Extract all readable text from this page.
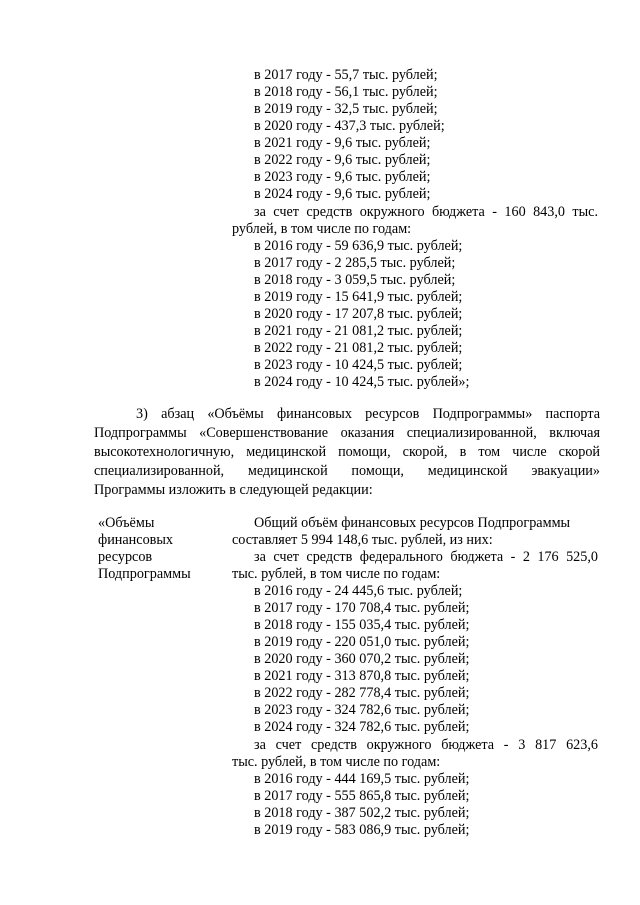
в 2017 году - 55,7 тыс. рублей;
в 2018 году - 56,1 тыс. рублей;
в 2019 году - 32,5 тыс. рублей;
в 2020 году - 437,3 тыс. рублей;
в 2021 году - 9,6 тыс. рублей;
в 2022 году - 9,6 тыс. рублей;
в 2023 году - 9,6 тыс. рублей;
в 2024 году - 9,6 тыс. рублей;
за счет средств окружного бюджета - 160 843,0 тыс.
рублей, в том числе по годам:
в 2016 году - 59 636,9 тыс. рублей;
в 2017 году - 2 285,5 тыс. рублей;
в 2018 году - 3 059,5 тыс. рублей;
в 2019 году - 15 641,9 тыс. рублей;
в 2020 году - 17 207,8 тыс. рублей;
в 2021 году - 21 081,2 тыс. рублей;
в 2022 году - 21 081,2 тыс. рублей;
в 2023 году - 10 424,5 тыс. рублей;
в 2024 году - 10 424,5 тыс. рублей»;
3) абзац «Объёмы финансовых ресурсов Подпрограммы» паспорта
Подпрограммы «Совершенствование оказания специализированной, включая
высокотехнологичную, медицинской помощи, скорой, в том числе скорой
специализированной, медицинской помощи, медицинской эвакуации»
Программы изложить в следующей редакции:
«Объёмы
финансовых
ресурсов
Подпрограммы
Общий объём финансовых ресурсов Подпрограммы
составляет 5 994 148,6 тыс. рублей, из них:
за счет средств федерального бюджета - 2 176 525,0
тыс. рублей, в том числе по годам:
в 2016 году - 24 445,6 тыс. рублей;
в 2017 году - 170 708,4 тыс. рублей;
в 2018 году - 155 035,4 тыс. рублей;
в 2019 году - 220 051,0 тыс. рублей;
в 2020 году - 360 070,2 тыс. рублей;
в 2021 году - 313 870,8 тыс. рублей;
в 2022 году - 282 778,4 тыс. рублей;
в 2023 году - 324 782,6 тыс. рублей;
в 2024 году - 324 782,6 тыс. рублей;
за счет средств окружного бюджета - 3 817 623,6
тыс. рублей, в том числе по годам:
в 2016 году - 444 169,5 тыс. рублей;
в 2017 году - 555 865,8 тыс. рублей;
в 2018 году - 387 502,2 тыс. рублей;
в 2019 году - 583 086,9 тыс. рублей;
